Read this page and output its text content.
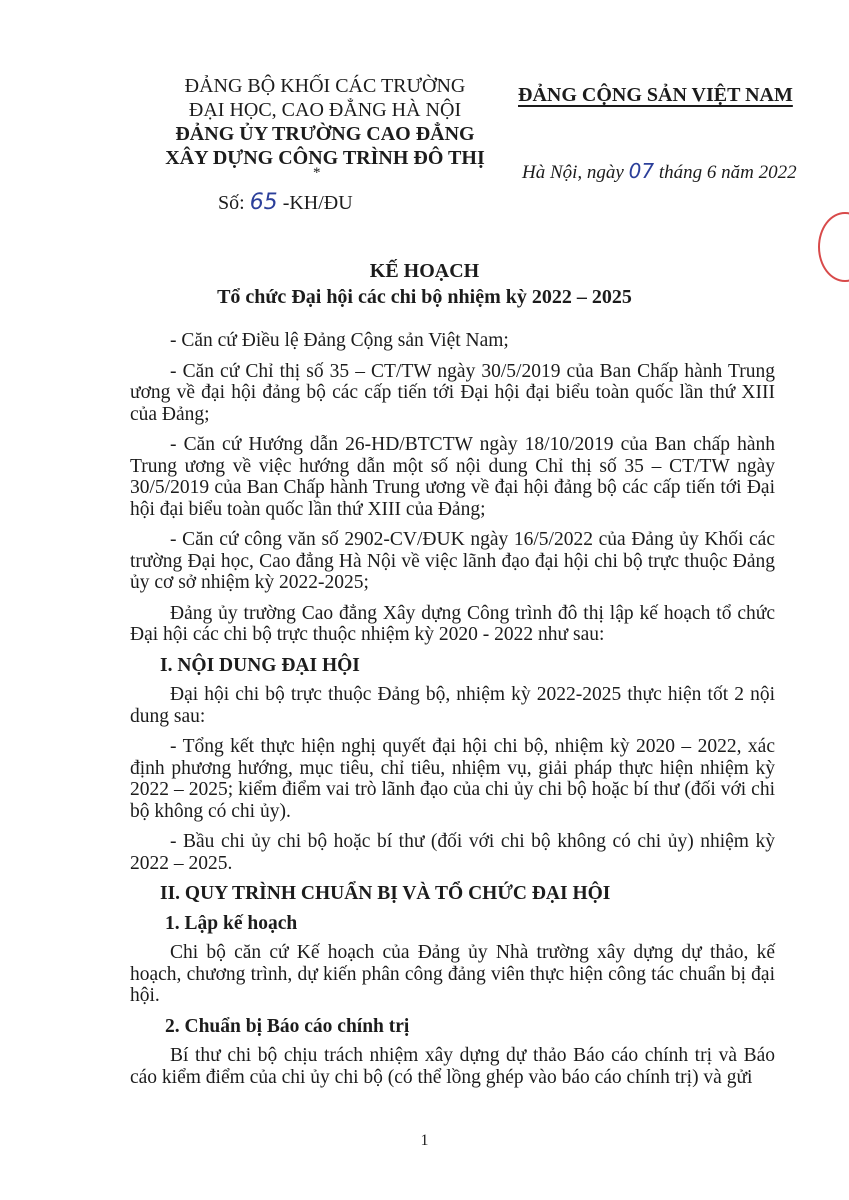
ĐẢNG BỘ KHỐI CÁC TRƯỜNG
ĐẠI HỌC, CAO ĐẲNG HÀ NỘI
ĐẢNG ỦY TRƯỜNG CAO ĐẲNG
XÂY DỰNG CÔNG TRÌNH ĐÔ THỊ
*
Số: 65 -KH/ĐU
ĐẢNG CỘNG SẢN VIỆT NAM
Hà Nội, ngày 07 tháng 6 năm 2022
KẾ HOẠCH
Tổ chức Đại hội các chi bộ nhiệm kỳ 2022 – 2025

- Căn cứ Điều lệ Đảng Cộng sản Việt Nam;

- Căn cứ Chỉ thị số 35 – CT/TW ngày 30/5/2019 của Ban Chấp hành Trung ương về đại hội đảng bộ các cấp tiến tới Đại hội đại biểu toàn quốc lần thứ XIII của Đảng;

- Căn cứ Hướng dẫn 26-HD/BTCTW ngày 18/10/2019 của Ban chấp hành Trung ương về việc hướng dẫn một số nội dung Chỉ thị số 35 – CT/TW ngày 30/5/2019 của Ban Chấp hành Trung ương về đại hội đảng bộ các cấp tiến tới Đại hội đại biểu toàn quốc lần thứ XIII của Đảng;

- Căn cứ công văn số 2902-CV/ĐUK ngày 16/5/2022 của Đảng ủy Khối các trường Đại học, Cao đẳng Hà Nội về việc lãnh đạo đại hội chi bộ trực thuộc Đảng ủy cơ sở nhiệm kỳ 2022-2025;

Đảng ủy trường Cao đẳng Xây dựng Công trình đô thị lập kế hoạch tổ chức Đại hội các chi bộ trực thuộc nhiệm kỳ 2020 - 2022 như sau:

I. NỘI DUNG ĐẠI HỘI

Đại hội chi bộ trực thuộc Đảng bộ, nhiệm kỳ 2022-2025 thực hiện tốt 2 nội dung sau:

- Tổng kết thực hiện nghị quyết đại hội chi bộ, nhiệm kỳ 2020 – 2022, xác định phương hướng, mục tiêu, chỉ tiêu, nhiệm vụ, giải pháp thực hiện nhiệm kỳ 2022 – 2025; kiểm điểm vai trò lãnh đạo của chi ủy chi bộ hoặc bí thư (đối với chi bộ không có chi ủy).

- Bầu chi ủy chi bộ hoặc bí thư (đối với chi bộ không có chi ủy) nhiệm kỳ 2022 – 2025.

II. QUY TRÌNH CHUẨN BỊ VÀ TỔ CHỨC ĐẠI HỘI
1. Lập kế hoạch

Chi bộ căn cứ Kế hoạch của Đảng ủy Nhà trường xây dựng dự thảo, kế hoạch, chương trình, dự kiến phân công đảng viên thực hiện công tác chuẩn bị đại hội.

2. Chuẩn bị Báo cáo chính trị

Bí thư chi bộ chịu trách nhiệm xây dựng dự thảo Báo cáo chính trị và Báo cáo kiểm điểm của chi ủy chi bộ (có thể lồng ghép vào báo cáo chính trị) và gửi

1
